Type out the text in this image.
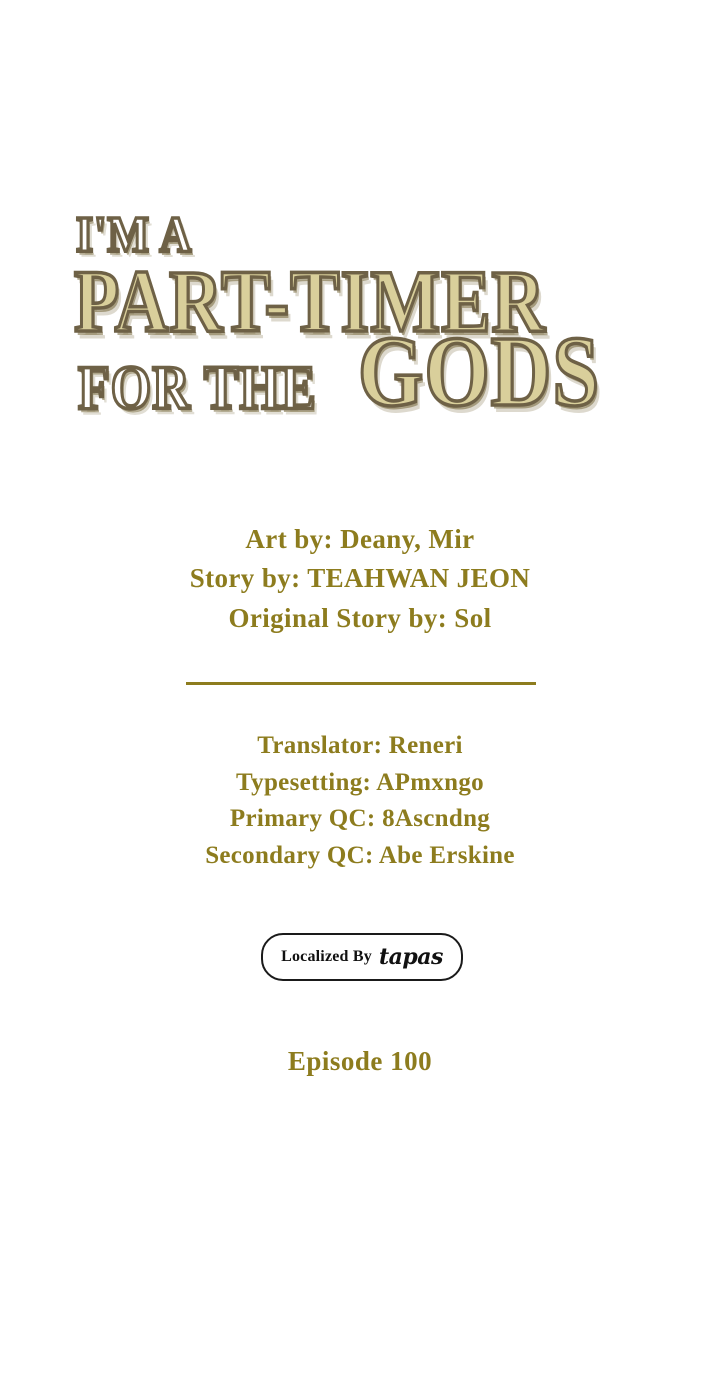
I'M A
PART-TIMER
FOR THE GODS
Art by: Deany, Mir
Story by: TEAHWAN JEON
Original Story by: Sol
Translator: Reneri
Typesetting: APmxngo
Primary QC: 8Ascndng
Secondary QC: Abe Erskine
Localized By tapas
Episode 100
